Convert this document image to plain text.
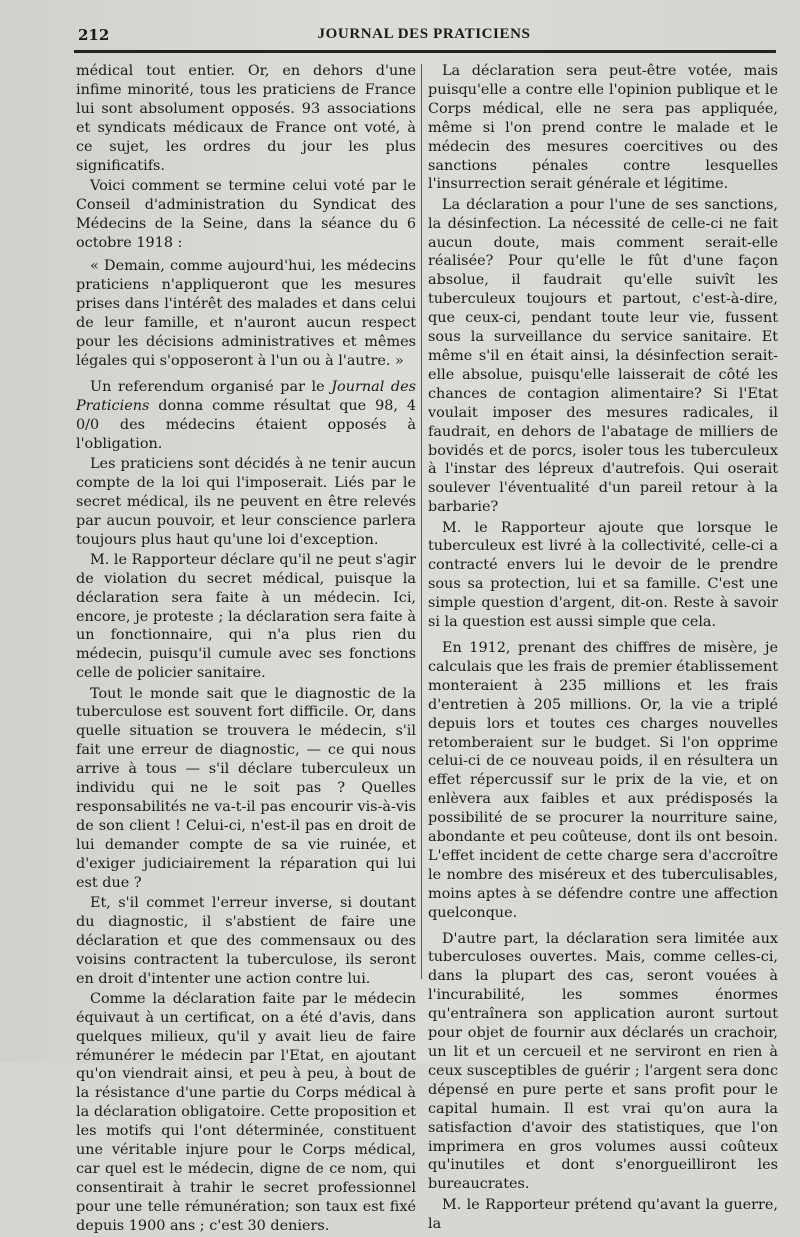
212	JOURNAL DES PRATICIENS

médical tout entier. Or, en dehors d'une infime minorité, tous les praticiens de France lui sont absolument opposés. 93 associations et syndicats médicaux de France ont voté, à ce sujet, les ordres du jour les plus significatifs.

Voici comment se termine celui voté par le Conseil d'administration du Syndicat des Médecins de la Seine, dans la séance du 6 octobre 1918 :

« Demain, comme aujourd'hui, les médecins praticiens n'appliqueront que les mesures prises dans l'intérêt des malades et dans celui de leur famille, et n'auront aucun respect pour les décisions administratives et mêmes légales qui s'opposeront à l'un ou à l'autre. »

Un referendum organisé par le Journal des Praticiens donna comme résultat que 98, 4 0/0 des médecins étaient opposés à l'obligation.

Les praticiens sont décidés à ne tenir aucun compte de la loi qui l'imposerait. Liés par le secret médical, ils ne peuvent en être relevés par aucun pouvoir, et leur conscience parlera toujours plus haut qu'une loi d'exception.

M. le Rapporteur déclare qu'il ne peut s'agir de violation du secret médical, puisque la déclaration sera faite à un médecin. Ici, encore, je proteste ; la déclaration sera faite à un fonctionnaire, qui n'a plus rien du médecin, puisqu'il cumule avec ses fonctions celle de policier sanitaire.

Tout le monde sait que le diagnostic de la tuberculose est souvent fort difficile. Or, dans quelle situation se trouvera le médecin, s'il fait une erreur de diagnostic, — ce qui nous arrive à tous — s'il déclare tuberculeux un individu qui ne le soit pas ? Quelles responsabilités ne va-t-il pas encourir vis-à-vis de son client ! Celui-ci, n'est-il pas en droit de lui demander compte de sa vie ruinée, et d'exiger judiciairement la réparation qui lui est due ?

Et, s'il commet l'erreur inverse, si doutant du diagnostic, il s'abstient de faire une déclaration et que des commensaux ou des voisins contractent la tuberculose, ils seront en droit d'intenter une action contre lui.

Comme la déclaration faite par le médecin équivaut à un certificat, on a été d'avis, dans quelques milieux, qu'il y avait lieu de faire rémunérer le médecin par l'Etat, en ajoutant qu'on viendrait ainsi, et peu à peu, à bout de la résistance d'une partie du Corps médical à la déclaration obligatoire. Cette proposition et les motifs qui l'ont déterminée, constituent une véritable injure pour le Corps médical, car quel est le médecin, digne de ce nom, qui consentirait à trahir le secret professionnel pour une telle rémunération; son taux est fixé depuis 1900 ans ; c'est 30 deniers.

La déclaration sera peut-être votée, mais puisqu'elle a contre elle l'opinion publique et le Corps médical, elle ne sera pas appliquée, même si l'on prend contre le malade et le médecin des mesures coercitives ou des sanctions pénales contre lesquelles l'insurrection serait générale et légitime.

La déclaration a pour l'une de ses sanctions, la désinfection. La nécessité de celle-ci ne fait aucun doute, mais comment serait-elle réalisée? Pour qu'elle le fût d'une façon absolue, il faudrait qu'elle suivît les tuberculeux toujours et partout, c'est-à-dire, que ceux-ci, pendant toute leur vie, fussent sous la surveillance du service sanitaire. Et même s'il en était ainsi, la désinfection serait-elle absolue, puisqu'elle laisserait de côté les chances de contagion alimentaire? Si l'Etat voulait imposer des mesures radicales, il faudrait, en dehors de l'abatage de milliers de bovidés et de porcs, isoler tous les tuberculeux à l'instar des lépreux d'autrefois. Qui oserait soulever l'éventualité d'un pareil retour à la barbarie?

M. le Rapporteur ajoute que lorsque le tuberculeux est livré à la collectivité, celle-ci a contracté envers lui le devoir de le prendre sous sa protection, lui et sa famille. C'est une simple question d'argent, dit-on. Reste à savoir si la question est aussi simple que cela.

En 1912, prenant des chiffres de misère, je calculais que les frais de premier établissement monteraient à 235 millions et les frais d'entretien à 205 millions. Or, la vie a triplé depuis lors et toutes ces charges nouvelles retomberaient sur le budget. Si l'on opprime celui-ci de ce nouveau poids, il en résultera un effet répercussif sur le prix de la vie, et on enlèvera aux faibles et aux prédisposés la possibilité de se procurer la nourriture saine, abondante et peu coûteuse, dont ils ont besoin. L'effet incident de cette charge sera d'accroître le nombre des miséreux et des tuberculisables, moins aptes à se défendre contre une affection quelconque.

D'autre part, la déclaration sera limitée aux tuberculoses ouvertes. Mais, comme celles-ci, dans la plupart des cas, seront vouées à l'incurabilité, les sommes énormes qu'entraînera son application auront surtout pour objet de fournir aux déclarés un crachoir, un lit et un cercueil et ne serviront en rien à ceux susceptibles de guérir ; l'argent sera donc dépensé en pure perte et sans profit pour le capital humain. Il est vrai qu'on aura la satisfaction d'avoir des statistiques, que l'on imprimera en gros volumes aussi coûteux qu'inutiles et dont s'enorgueilliront les bureaucrates.

M. le Rapporteur prétend qu'avant la guerre, la
